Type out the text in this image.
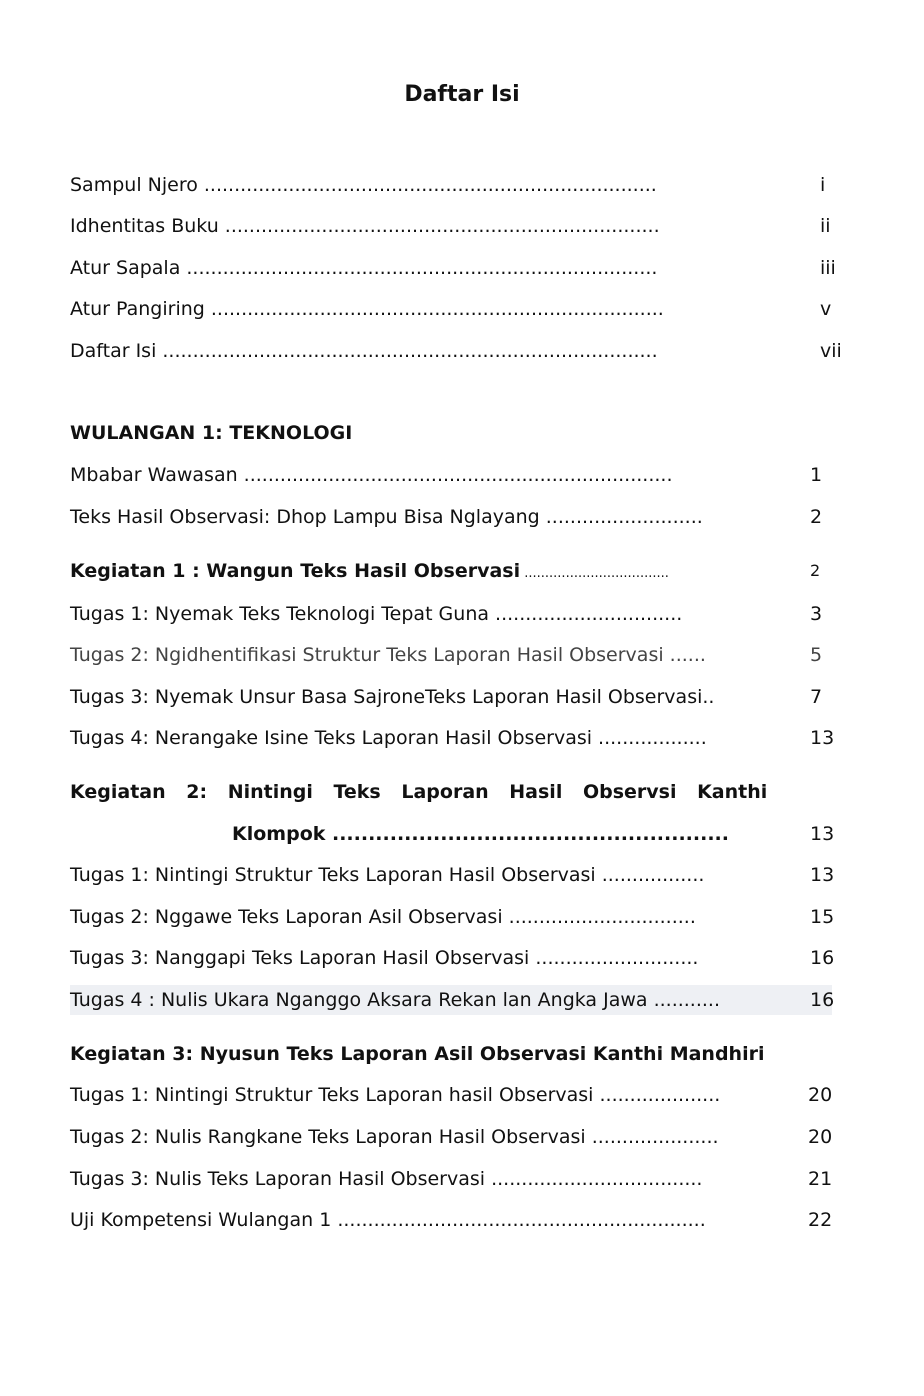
Daftar Isi
Sampul Njero ...........................................................................	i
Idhentitas Buku ........................................................................	ii
Atur Sapala ..............................................................................	iii
Atur Pangiring ...........................................................................	v
Daftar Isi ..................................................................................	vii
WULANGAN 1: TEKNOLOGI
Mbabar Wawasan .......................................................................	1
Teks Hasil Observasi: Dhop Lampu Bisa Nglayang ..........................	2
Kegiatan 1 : Wangun Teks Hasil Observasi ...................................	2
Tugas 1: Nyemak Teks Teknologi Tepat Guna ...............................	3
Tugas 2: Ngidhentifikasi Struktur Teks Laporan Hasil Observasi ......	5
Tugas 3: Nyemak Unsur Basa SajroneTeks Laporan Hasil Observasi..	7
Tugas 4: Nerangake Isine Teks Laporan Hasil Observasi ..................	13
Kegiatan 2: Nintingi Teks Laporan Hasil Observsi Kanthi
Klompok .......................................................	13
Tugas 1: Nintingi Struktur Teks Laporan Hasil Observasi .................	13
Tugas 2: Nggawe Teks Laporan Asil Observasi ...............................	15
Tugas 3: Nanggapi Teks Laporan Hasil Observasi ...........................	16
Tugas 4 : Nulis Ukara Nganggo Aksara Rekan lan Angka Jawa ...........	16
Kegiatan 3: Nyusun Teks Laporan Asil Observasi Kanthi Mandhiri
Tugas 1: Nintingi Struktur Teks Laporan hasil Observasi ....................	20
Tugas 2: Nulis Rangkane Teks Laporan Hasil Observasi .....................	20
Tugas 3: Nulis Teks Laporan Hasil Observasi ...................................	21
Uji Kompetensi Wulangan 1 .............................................................	22
